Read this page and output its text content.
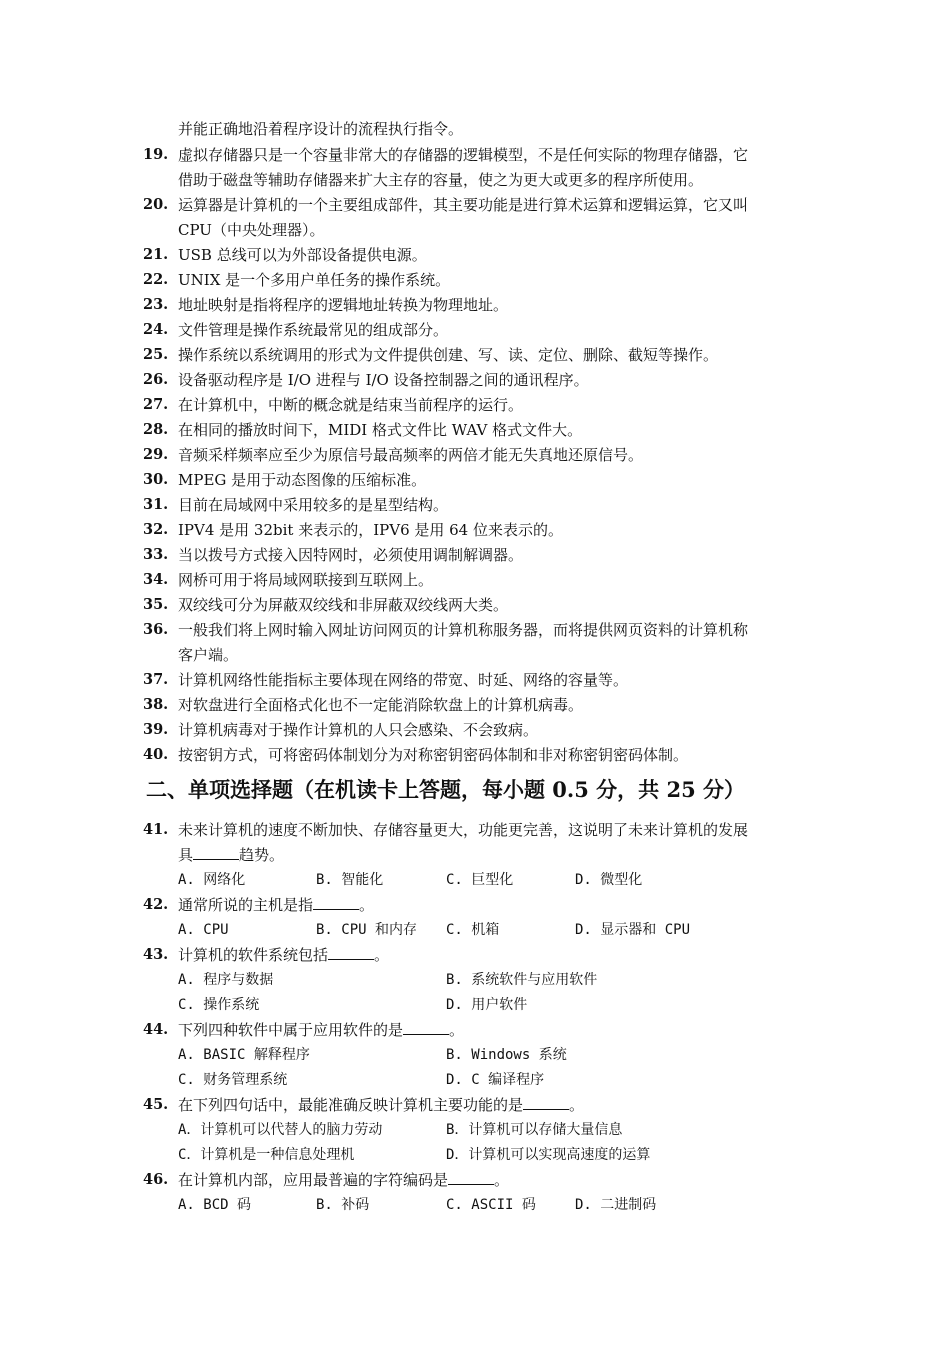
并能正确地沿着程序设计的流程执行指令。
19. 虚拟存储器只是一个容量非常大的存储器的逻辑模型，不是任何实际的物理存储器，它
借助于磁盘等辅助存储器来扩大主存的容量，使之为更大或更多的程序所使用。
20. 运算器是计算机的一个主要组成部件，其主要功能是进行算术运算和逻辑运算，它又叫
CPU（中央处理器）。
21. USB 总线可以为外部设备提供电源。
22. UNIX 是一个多用户单任务的操作系统。
23. 地址映射是指将程序的逻辑地址转换为物理地址。
24. 文件管理是操作系统最常见的组成部分。
25. 操作系统以系统调用的形式为文件提供创建、写、读、定位、删除、截短等操作。
26. 设备驱动程序是 I/O 进程与 I/O 设备控制器之间的通讯程序。
27. 在计算机中，中断的概念就是结束当前程序的运行。
28. 在相同的播放时间下，MIDI 格式文件比 WAV 格式文件大。
29. 音频采样频率应至少为原信号最高频率的两倍才能无失真地还原信号。
30. MPEG 是用于动态图像的压缩标准。
31. 目前在局域网中采用较多的是星型结构。
32. IPV4 是用 32bit 来表示的，IPV6 是用 64 位来表示的。
33. 当以拨号方式接入因特网时，必须使用调制解调器。
34. 网桥可用于将局域网联接到互联网上。
35. 双绞线可分为屏蔽双绞线和非屏蔽双绞线两大类。
36. 一般我们将上网时输入网址访问网页的计算机称服务器，而将提供网页资料的计算机称
客户端。
37. 计算机网络性能指标主要体现在网络的带宽、时延、网络的容量等。
38. 对软盘进行全面格式化也不一定能消除软盘上的计算机病毒。
39. 计算机病毒对于操作计算机的人只会感染、不会致病。
40. 按密钥方式，可将密码体制划分为对称密钥密码体制和非对称密钥密码体制。
二、单项选择题（在机读卡上答题，每小题 0.5 分，共 25 分）
41. 未来计算机的速度不断加快、存储容量更大，功能更完善，这说明了未来计算机的发展
具	趋势。
A. 网络化	B. 智能化	C. 巨型化	D. 微型化
42. 通常所说的主机是指	。
A. CPU	B. CPU 和内存 C. 机箱	D. 显示器和 CPU
43. 计算机的软件系统包括	。
A. 程序与数据	B. 系统软件与应用软件
C. 操作系统	D. 用户软件
44. 下列四种软件中属于应用软件的是	。
A. BASIC 解释程序	B. Windows 系统
C. 财务管理系统	D. C 编译程序
45. 在下列四句话中，最能准确反映计算机主要功能的是	。
A．计算机可以代替人的脑力劳动	B．计算机可以存储大量信息
C．计算机是一种信息处理机	D．计算机可以实现高速度的运算
46. 在计算机内部，应用最普遍的字符编码是	。
A. BCD 码	B. 补码	C. ASCII 码	D. 二进制码
